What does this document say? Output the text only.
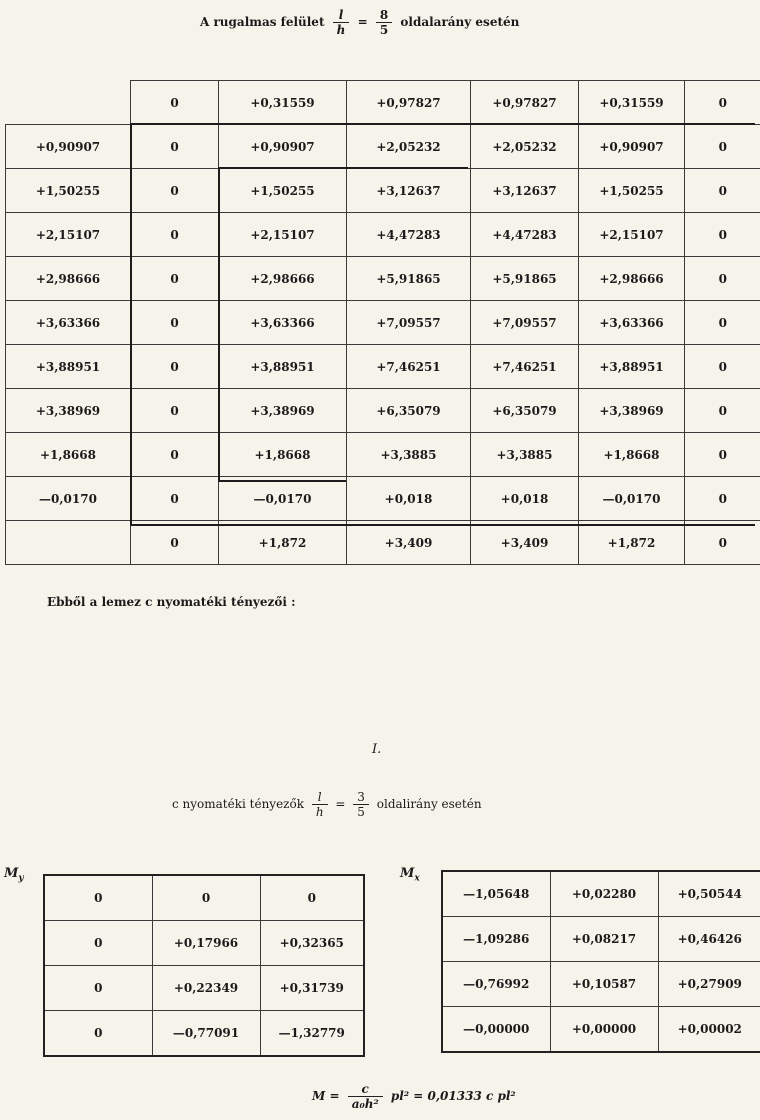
A rugalmas felület $\frac{l}{h} = \frac{8}{5}$ oldalarány esetén
	0	+0,31559	+0,97827	+0,97827	+0,31559	0
+0,90907	0	+0,90907	+2,05232	+2,05232	+0,90907	0
+1,50255	0	+1,50255	+3,12637	+3,12637	+1,50255	0
+2,15107	0	+2,15107	+4,47283	+4,47283	+2,15107	0
+2,98666	0	+2,98666	+5,91865	+5,91865	+2,98666	0
+3,63366	0	+3,63366	+7,09557	+7,09557	+3,63366	0
+3,88951	0	+3,88951	+7,46251	+7,46251	+3,88951	0
+3,38969	0	+3,38969	+6,35079	+6,35079	+3,38969	0
+1,8668	0	+1,8668	+3,3885	+3,3885	+1,8668	0
—0,0170	0	—0,0170	+0,018	+0,018	—0,0170	0
	0	+1,872	+3,409	+3,409	+1,872	0
Ebből a lemez c nyomatéki tényezői :
I.
c nyomatéki tényezők $\frac{l}{h} = \frac{3}{5}$ oldalirány esetén
$M_y$	$M_x$
0	0	0
0	+0,17966	+0,32365
0	+0,22349	+0,31739
0	—0,77091	—1,32779
—1,05648	+0,02280	+0,50544
—1,09286	+0,08217	+0,46426
—0,76992	+0,10587	+0,27909
—0,00000	+0,00000	+0,00002
$M = \frac{c}{\text{a₀h²}} pl^2 = 0,01333$ c pl²
